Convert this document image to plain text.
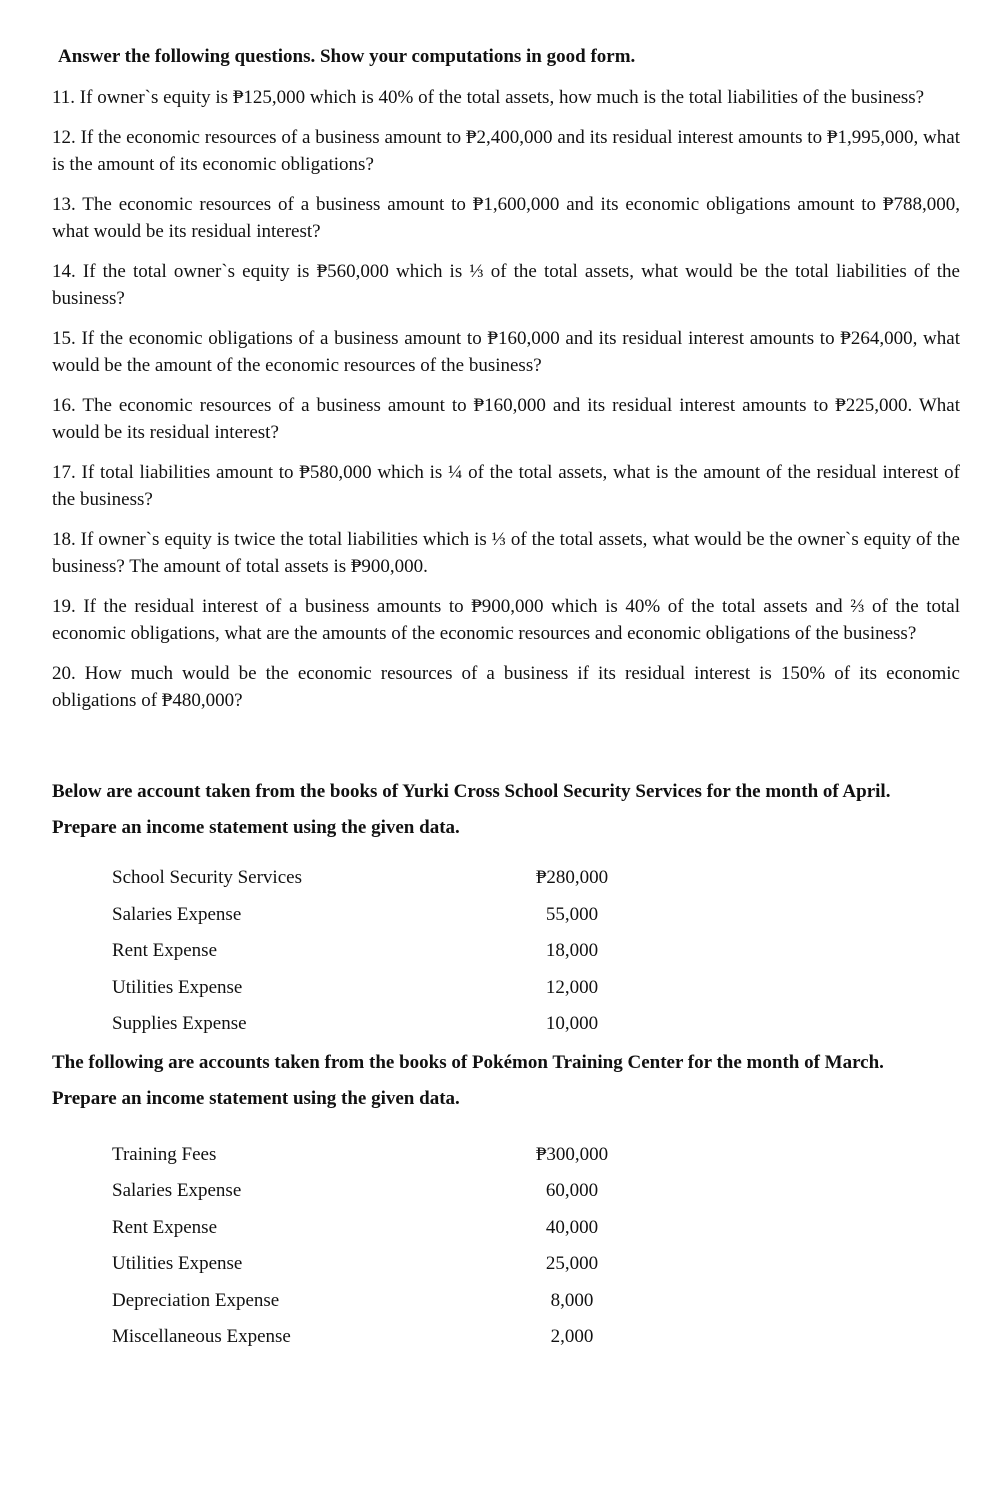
Answer the following questions. Show your computations in good form.
11. If owner`s equity is ₱125,000 which is 40% of the total assets, how much is the total liabilities of the business?
12. If the economic resources of a business amount to ₱2,400,000 and its residual interest amounts to ₱1,995,000, what is the amount of its economic obligations?
13. The economic resources of a business amount to ₱1,600,000 and its economic obligations amount to ₱788,000, what would be its residual interest?
14. If the total owner`s equity is ₱560,000 which is ⅓ of the total assets, what would be the total liabilities of the business?
15. If the economic obligations of a business amount to ₱160,000 and its residual interest amounts to ₱264,000, what would be the amount of the economic resources of the business?
16. The economic resources of a business amount to ₱160,000 and its residual interest amounts to ₱225,000. What would be its residual interest?
17. If total liabilities amount to ₱580,000 which is ¼ of the total assets, what is the amount of the residual interest of the business?
18. If owner`s equity is twice the total liabilities which is ⅓ of the total assets, what would be the owner`s equity of the business? The amount of total assets is ₱900,000.
19. If the residual interest of a business amounts to ₱900,000 which is 40% of the total assets and ⅔ of the total economic obligations, what are the amounts of the economic resources and economic obligations of the business?
20. How much would be the economic resources of a business if its residual interest is 150% of its economic obligations of ₱480,000?
Below are account taken from the books of Yurki Cross School Security Services for the month of April.
Prepare an income statement using the given data.
School Security Services	₱280,000
Salaries Expense	55,000
Rent Expense	18,000
Utilities Expense	12,000
Supplies Expense	10,000
The following are accounts taken from the books of Pokémon Training Center for the month of March.
Prepare an income statement using the given data.
Training Fees	₱300,000
Salaries Expense	60,000
Rent Expense	40,000
Utilities Expense	25,000
Depreciation Expense	8,000
Miscellaneous Expense	2,000
